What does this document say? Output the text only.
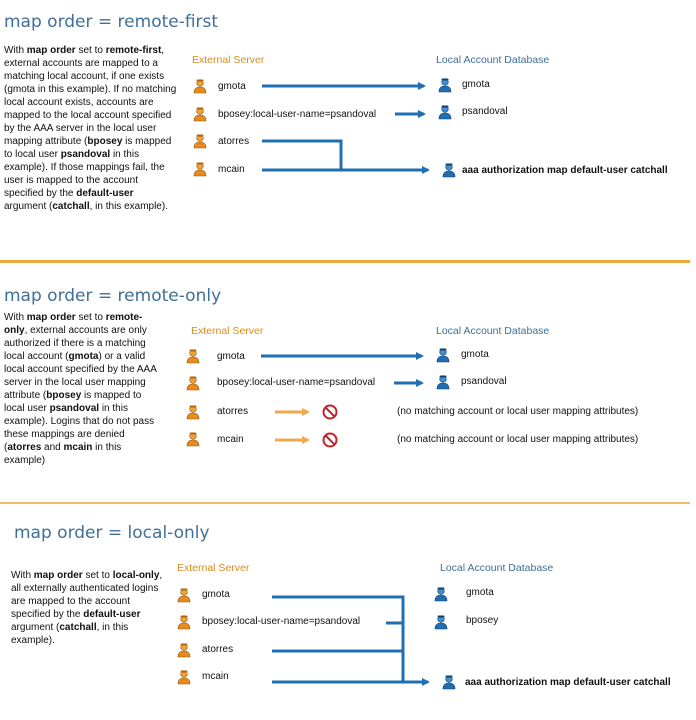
map order = remote-first
With map order set to remote-first, external accounts are mapped to a matching local account, if one exists (gmota in this example). If no matching local account exists, accounts are mapped to the local account specified by the AAA server in the local user mapping attribute (bposey is mapped to local user psandoval in this example). If those mappings fail, the user is mapped to the account specified by the default-user argument (catchall, in this example).
External Server	Local Account Database
gmota
bposey:local-user-name=psandoval
atorres
mcain
gmota
psandoval
aaa authorization map default-user catchall
map order = remote-only
With map order set to remote-only, external accounts are only authorized if there is a matching local account (gmota) or a valid local account specified by the AAA server in the local user mapping attribute (bposey is mapped to local user psandoval in this example). Logins that do not pass these mappings are denied (atorres and mcain in this example)
External Server	Local Account Database
gmota
bposey:local-user-name=psandoval
atorres
mcain
gmota
psandoval
(no matching account or local user mapping attributes)
(no matching account or local user mapping attributes)
map order = local-only
With map order set to local-only, all externally authenticated logins are mapped to the account specified by the default-user argument (catchall, in this example).
External Server	Local Account Database
gmota
bposey:local-user-name=psandoval
atorres
mcain
gmota
bposey
aaa authorization map default-user catchall
